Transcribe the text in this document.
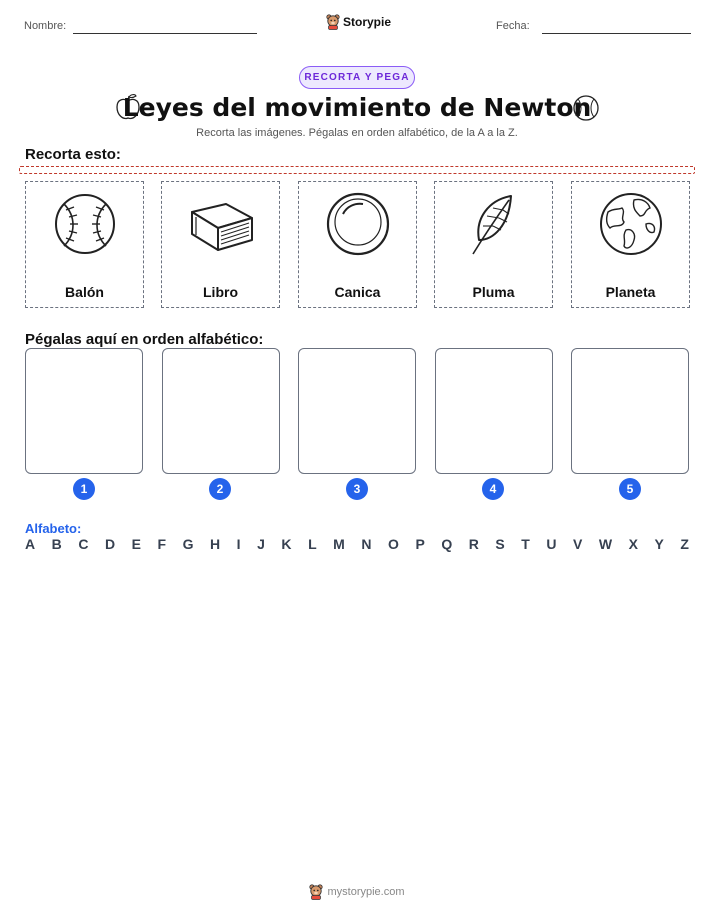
Nombre:	Storypie	Fecha:
RECORTA Y PEGA
Leyes del movimiento de Newton
Recorta las imágenes. Pégalas en orden alfabético, de la A a la Z.
Recorta esto:
Balón	Libro	Canica	Pluma	Planeta
Pégalas aquí en orden alfabético:
1	2	3	4	5
Alfabeto:
A B C D E F G H I J K L M N O P Q R S T U V W X Y Z
mystorypie.com
